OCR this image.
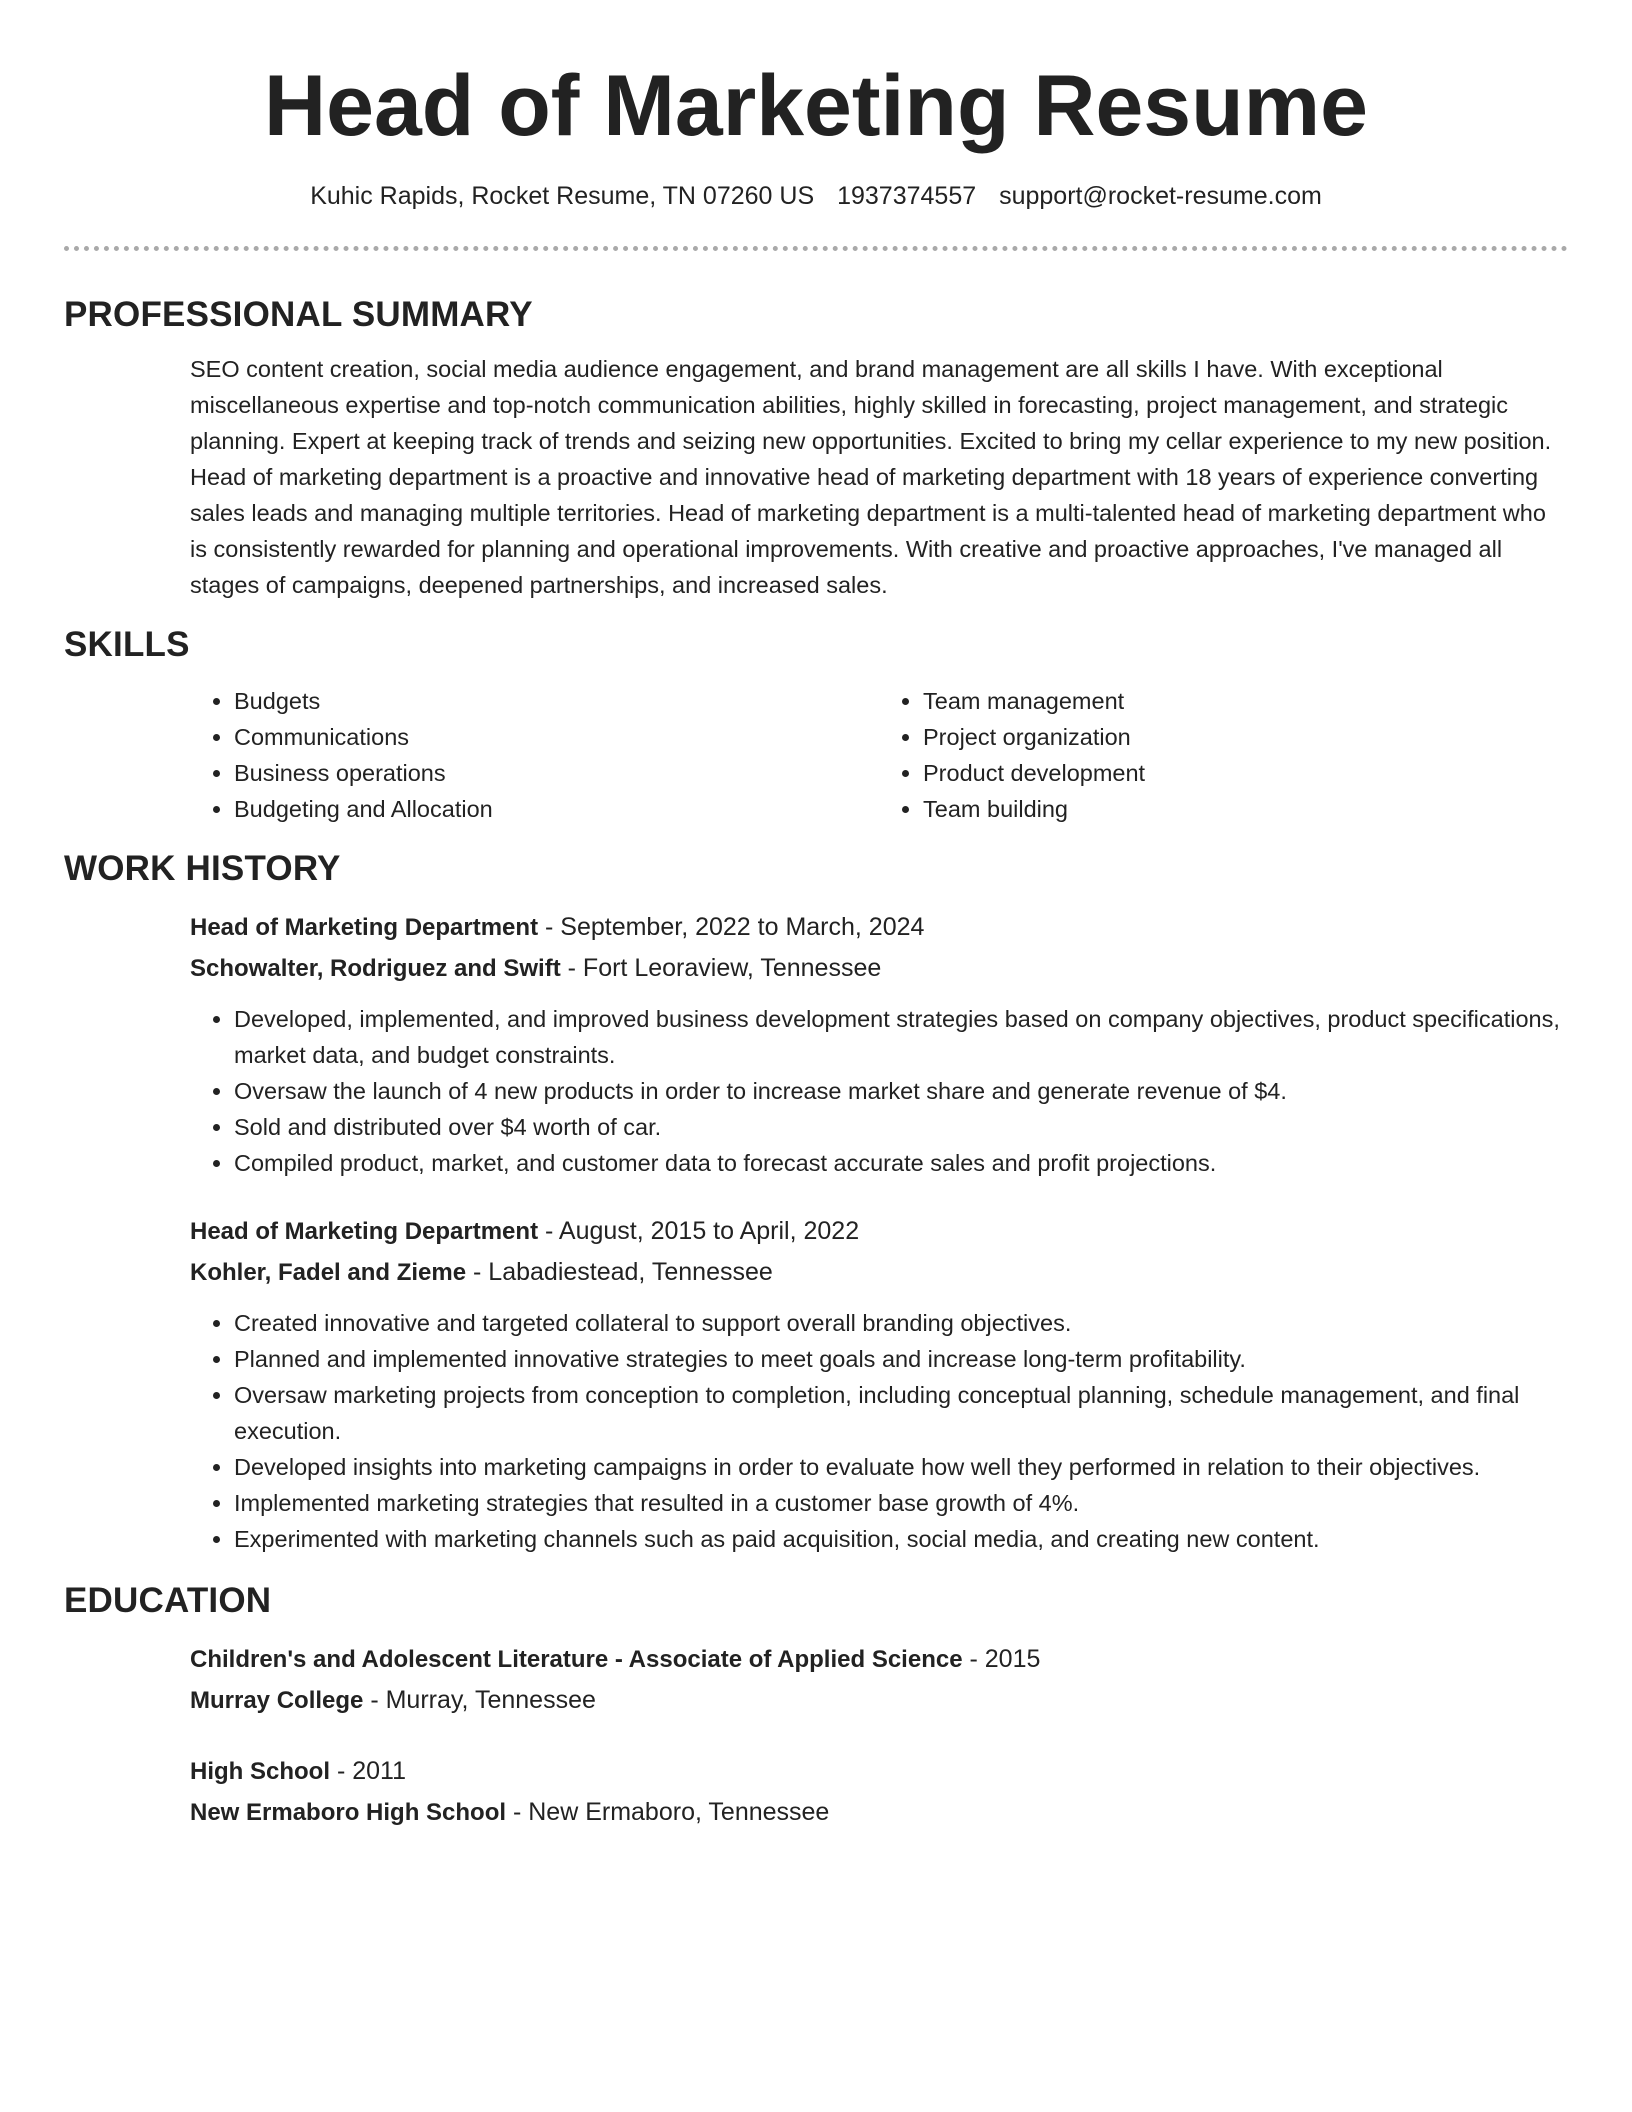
Head of Marketing Resume
Kuhic Rapids, Rocket Resume, TN 07260 US 1937374557 support@rocket-resume.com
PROFESSIONAL SUMMARY

SEO content creation, social media audience engagement, and brand management are all skills I have. With exceptional miscellaneous expertise and top-notch communication abilities, highly skilled in forecasting, project management, and strategic planning. Expert at keeping track of trends and seizing new opportunities. Excited to bring my cellar experience to my new position. Head of marketing department is a proactive and innovative head of marketing department with 18 years of experience converting sales leads and managing multiple territories. Head of marketing department is a multi-talented head of marketing department who is consistently rewarded for planning and operational improvements. With creative and proactive approaches, I've managed all stages of campaigns, deepened partnerships, and increased sales.

SKILLS
• Budgets
• Communications
• Business operations
• Budgeting and Allocation
• Team management
• Project organization
• Product development
• Team building
WORK HISTORY
Head of Marketing Department - September, 2022 to March, 2024
Schowalter, Rodriguez and Swift - Fort Leoraview, Tennessee
• Developed, implemented, and improved business development strategies based on company objectives, product specifications, market data, and budget constraints.
• Oversaw the launch of 4 new products in order to increase market share and generate revenue of $4.
• Sold and distributed over $4 worth of car.
• Compiled product, market, and customer data to forecast accurate sales and profit projections.
Head of Marketing Department - August, 2015 to April, 2022
Kohler, Fadel and Zieme - Labadiestead, Tennessee
• Created innovative and targeted collateral to support overall branding objectives.
• Planned and implemented innovative strategies to meet goals and increase long-term profitability.
• Oversaw marketing projects from conception to completion, including conceptual planning, schedule management, and final execution.
• Developed insights into marketing campaigns in order to evaluate how well they performed in relation to their objectives.
• Implemented marketing strategies that resulted in a customer base growth of 4%.
• Experimented with marketing channels such as paid acquisition, social media, and creating new content.
EDUCATION
Children's and Adolescent Literature - Associate of Applied Science - 2015
Murray College - Murray, Tennessee
High School - 2011
New Ermaboro High School - New Ermaboro, Tennessee
